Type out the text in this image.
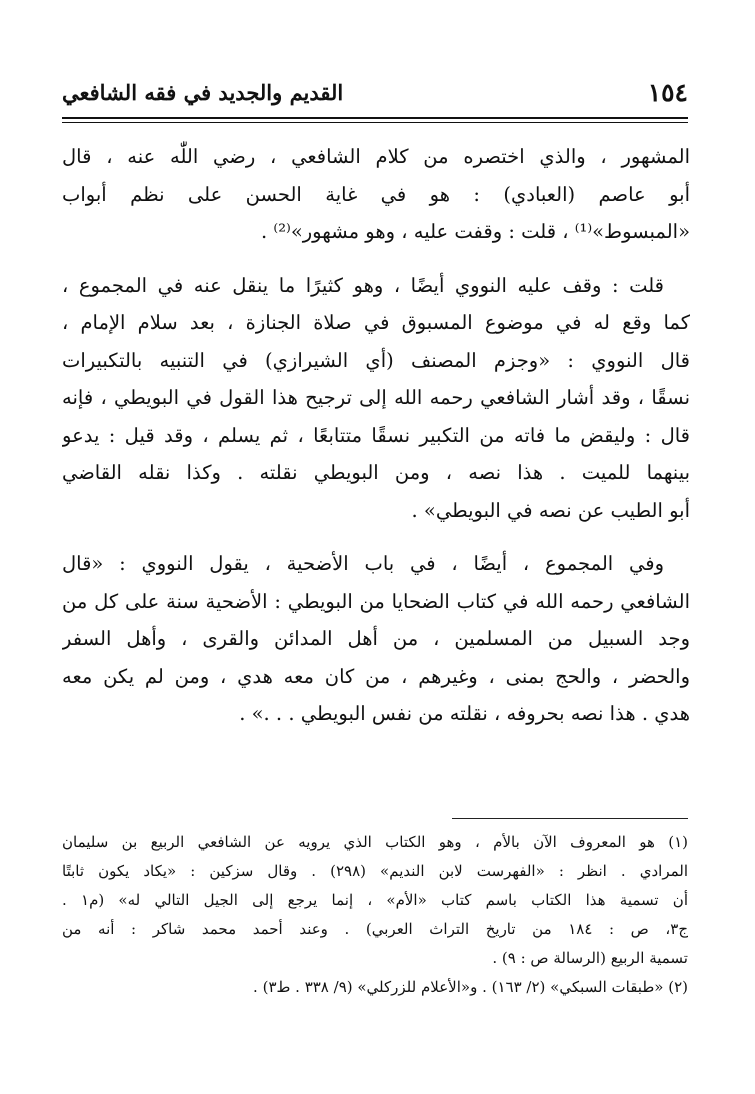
١٥٤
القديم والجديد في فقه الشافعي

المشهور ، والذي اختصره من كلام الشافعي ، رضي اللّٰه عنه ، قال
أبو عاصم (العبادي) : هو في غاية الحسن على نظم أبواب
«المبسوط»⁽¹⁾ ، قلت : وقفت عليه ، وهو مشهور»⁽²⁾ .

قلت : وقف عليه النووي أيضًا ، وهو كثيرًا ما ينقل عنه في المجموع ،
كما وقع له في موضوع المسبوق في صلاة الجنازة ، بعد سلام الإمام ،
قال النووي : «وجزم المصنف (أي الشيرازي) في التنبيه بالتكبيرات
نسقًا ، وقد أشار الشافعي رحمه الله إلى ترجيح هذا القول في البويطي ، فإنه
قال : وليقض ما فاته من التكبير نسقًا متتابعًا ، ثم يسلم ، وقد قيل : يدعو
بينهما للميت . هذا نصه ، ومن البويطي نقلته . وكذا نقله القاضي
أبو الطيب عن نصه في البويطي» .

وفي المجموع ، أيضًا ، في باب الأضحية ، يقول النووي : «قال
الشافعي رحمه الله في كتاب الضحايا من البويطي : الأضحية سنة على كل من
وجد السبيل من المسلمين ، من أهل المدائن والقرى ، وأهل السفر
والحضر ، والحج بمنى ، وغيرهم ، من كان معه هدي ، ومن لم يكن معه
هدي . هذا نصه بحروفه ، نقلته من نفس البويطي . . .» .

(١) هو المعروف الآن بالأم ، وهو الكتاب الذي يرويه عن الشافعي الربيع بن سليمان
المرادي . انظر : «الفهرست لابن النديم» (٢٩٨) . وقال سزكين : «يكاد يكون ثابتًا
أن تسمية هذا الكتاب باسم كتاب «الأم» ، إنما يرجع إلى الجيل التالي له» (م١ .
ج٣، ص : ١٨٤ من تاريخ التراث العربي) . وعند أحمد محمد شاكر : أنه من
تسمية الربيع (الرسالة ص : ٩) .
(٢) «طبقات السبكي» (٢/ ١٦٣) . و«الأعلام للزركلي» (٩/ ٣٣٨ . ط٣) .
